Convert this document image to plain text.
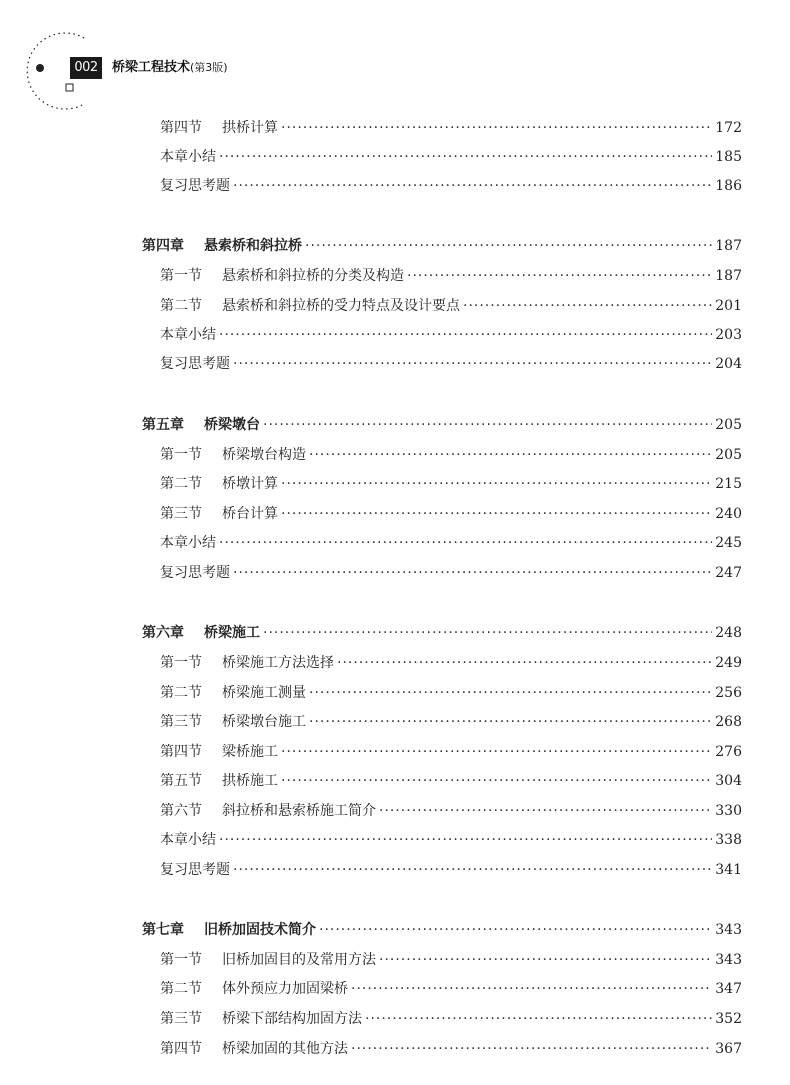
002	桥梁工程技术(第3版)
第四节 拱桥计算 ·····	172
本章小结 ·····	185
复习思考题 ·····	186
第四章 悬索桥和斜拉桥 ·····	187
第一节 悬索桥和斜拉桥的分类及构造 ·····	187
第二节 悬索桥和斜拉桥的受力特点及设计要点 ·····	201
本章小结 ·····	203
复习思考题 ·····	204
第五章 桥梁墩台 ·····	205
第一节 桥梁墩台构造 ·····	205
第二节 桥墩计算 ·····	215
第三节 桥台计算 ·····	240
本章小结 ·····	245
复习思考题 ·····	247
第六章 桥梁施工 ·····	248
第一节 桥梁施工方法选择 ·····	249
第二节 桥梁施工测量 ·····	256
第三节 桥梁墩台施工 ·····	268
第四节 梁桥施工 ·····	276
第五节 拱桥施工 ·····	304
第六节 斜拉桥和悬索桥施工简介 ·····	330
本章小结 ·····	338
复习思考题 ·····	341
第七章 旧桥加固技术简介 ·····	343
第一节 旧桥加固目的及常用方法 ·····	343
第二节 体外预应力加固梁桥 ·····	347
第三节 桥梁下部结构加固方法 ·····	352
第四节 桥梁加固的其他方法 ·····	367
